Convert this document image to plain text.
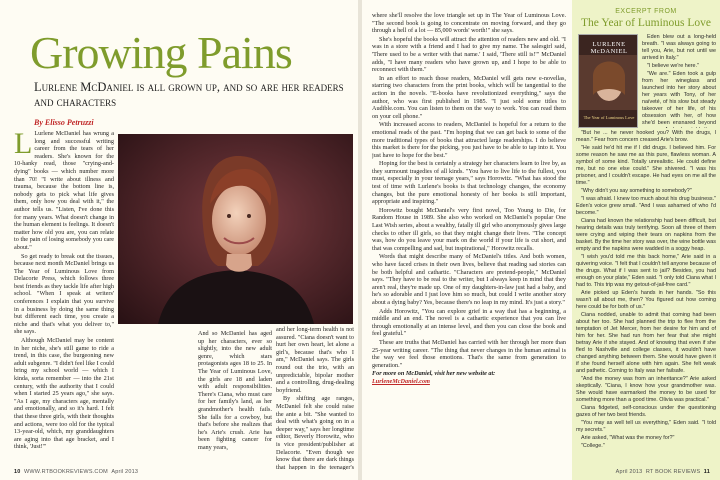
Growing Pains
Lurlene McDaniel is all grown up, and so are her readers and characters
By Elisso Petruzzi

L Lurlene McDaniel has wrung a long and successful writing career from the tears of her readers. She's known for the 10-hanky read, those "crying-and-dying" books — which number more than 70! "I write about illness and trauma, because the bottom line is, nobody gets to pick what life gives them, only how you deal with it," the author tells us. "Listen, I've done this for many years. What doesn't change in the human element is feelings. It doesn't matter how old you are, you can relate to the pain of losing somebody you care about."

So get ready to break out the tissues, because next month McDaniel brings us The Year of Luminous Love from Delacorte Press, which follows three best friends as they tackle life after high school. "When I speak at writers' conferences I explain that you survive in a business by doing the same thing but different each time, you create a niche and that's what you deliver to," she says.

Although McDaniel may be content in her niche, she's still game to ride a trend, in this case, the burgeoning new adult subgenre. "I didn't feel like I could bring my school world — which I kinda, sorta remember — into the 21st century, with the authority that I could when I started 25 years ago," she says. "As I age, my characters age, mentally and emotionally, and so it's hard. I felt that these three girls, with their thoughts and actions, were too old for the typical 13-year-old, which, my granddaughters are aging into that age bracket, and I think, 'Just!'"

And so McDaniel has aged up her characters, ever so slightly, into the new adult genre, which stars protagonists ages 18 to 25. In The Year of Luminous Love, the girls are 18 and laden with adult responsibilities. There's Ciana, who must care for her family's land, as her grandmother's health fails. She falls for a cowboy, but that's before she realizes that he's Arie's crush. Arie has been fighting cancer for many years,

and her long-term health is not assured. "Ciana doesn't want to hurt her own heart, let alone a girl's, because that's who I am," McDaniel says. The girls round out the trio, with an unpredictable, bipolar mother and a controlling, drug-dealing boyfriend.

By shifting age ranges, McDaniel felt she could raise the ante a bit. "She wanted to deal with what's going on in a deeper way," says her longtime editor, Beverly Horowitz, who is vice president/publisher at Delacorte. "Even though we know that there are dark things that happen in the teenager's

10 WWW.RTBOOKREVIEWS.COM April 2013

where she'll resolve the love triangle set up in The Year of Luminous Love. "The second book is going to concentrate on moving forward, and they go through a hell of a lot — 85,000 words' worth!" she says.

She's hopeful the books will attract the attention of readers new and old. "I was in a store with a friend and I had to give my name. The salesgirl said, 'There used to be a writer with that name.' I said, 'There still is!'" McDaniel adds, "I have many readers who have grown up, and I hope to be able to reconnect with them."

In an effort to reach those readers, McDaniel will gets new e-novellas, starring two characters from the print books, which will be tangential to the action in the novels. "E-books have revolutionized everything," says the author, who was first published in 1985. "I just sold some titles to Audible.com. You can listen to them on the way to work. You can read them on your cell phone."

With increased access to readers, McDaniel is hopeful for a return to the emotional reads of the past. "I'm hoping that we can get back to some of the more traditional types of books that attracted large readerships. I do believe this market is there for the picking, you just have to be able to tap into it. You just have to hope for the best."

Hoping for the best is certainly a strategy her characters learn to live by, as they surmount tragedies of all kinds. "You have to live life to the fullest, you must, especially in your teenage years," says Horowitz. "What has stood the test of time with Lurlene's books is that technology changes, the economy changes, but the pure emotional honesty of her books is still important, appropriate and inspiring."

Horowitz bought McDaniel's very first novel, Too Young to Die, for Random House in 1989. She also who worked on McDaniel's popular One Last Wish series, about a wealthy, fatally ill girl who anonymously gives large checks to other ill girls, so that they might change their lives. "The concept was, how do you leave your mark on the world if your life is cut short, and that was compelling and sad, but inspirational," Horowitz recalls.

Words that might describe many of McDaniel's titles. And both women, who have faced crises in their own lives, believe that reading sad stories can be both helpful and cathartic. "Characters are pretend-people," McDaniel says. "They have to be real to the writer, but I always keep in mind that they aren't real, they're made up. One of my daughters-in-law just had a baby, and he's so adorable and I just love him so much, but could I write another story about a dying baby? Yes, because there's no leap in my mind. It's just a story."

Adds Horowitz, "You can explore grief in a way that has a beginning, a middle and an end. The novel is a cathartic experience that you can live through emotionally at an intense level, and then you can close the book and feel grateful."

These are truths that McDaniel has carried with her through her more than 25-year writing career. "The thing that never changes in the human animal is the way we feel those emotions. That's the same from generation to generation."

For more on McDaniel, visit her new website at:
LurleneMcDaniel.com

EXCERPT FROM
The Year of Luminous Love
LURLENE McDANIEL
The Year of Luminous Love

Eden blew out a long-held breath. "I was always going to tell you, Arie, but not until we arrived in Italy."

"I believe we're here."

"We are." Eden took a gulp from her wineglass and launched into her story about her years with Tony, of her naïveté, of his slow but steady takeover of her life, of his obsession with her, of how she'd been ensnared beyond

"But he ... he never hooked you? With the drugs, I mean." Fear from concern creased Arie's brow.

"He said he'd hit me if I did drugs. I believed him. For some reason he saw me as this pure, flawless woman. A symbol of some kind. Totally unrealistic. He could define me, but no one else could." She shivered. "I was his prisoner, and I couldn't escape. He had eyes on me all the time."

"Why didn't you say something to somebody?"

"I was afraid. I knew too much about his drug business." Eden's voice grew small. "And I was ashamed of who I'd become."

Ciana had known the relationship had been difficult, but hearing details was truly terrifying. Soon all three of them were crying and wiping their tears on napkins from the basket. By the time her story was over, the wine bottle was empty and the napkins were wadded in a soggy heap.

"I wish you'd told me this back home," Arie said in a quivering voice. "I felt that I couldn't tell anyone because of the drugs. What if I was sent to jail? Besides, you had enough on your plate," Eden said. "I only told Ciana what I had to. This trip was my getout-of-jail-free card."

Arie picked up Eden's hands in her hands. "So this wasn't all about me, then? You figured out how coming here could be for both of us."

Ciana nodded, unable to admit that coming had been about her too. She had planned the trip to flee from the temptation of Jet Mercer, from her desire for him and of him for her. She had run from her fear that she might betray Arie if she stayed. And of knowing that even if she fled to Nashville and college classes, it wouldn't have changed anything between them. She would have given it if she found herself alone with him again. She felt weak and pathetic. Coming to Italy was her failsafe.

"And the money was from an inheritance?" Arie asked skeptically. "Ciana, I know how your grandmother was. She would have earmarked the money to be used for something more than a good time. Olivia was practical."

Ciana fidgeted, self-conscious under the questioning gazes of her two best friends.

"You may as well tell us everything," Eden said. "I told my secrets."

Arie asked, "What was the money for?"

"College."

April 2013 RT BOOK REVIEWS 11
